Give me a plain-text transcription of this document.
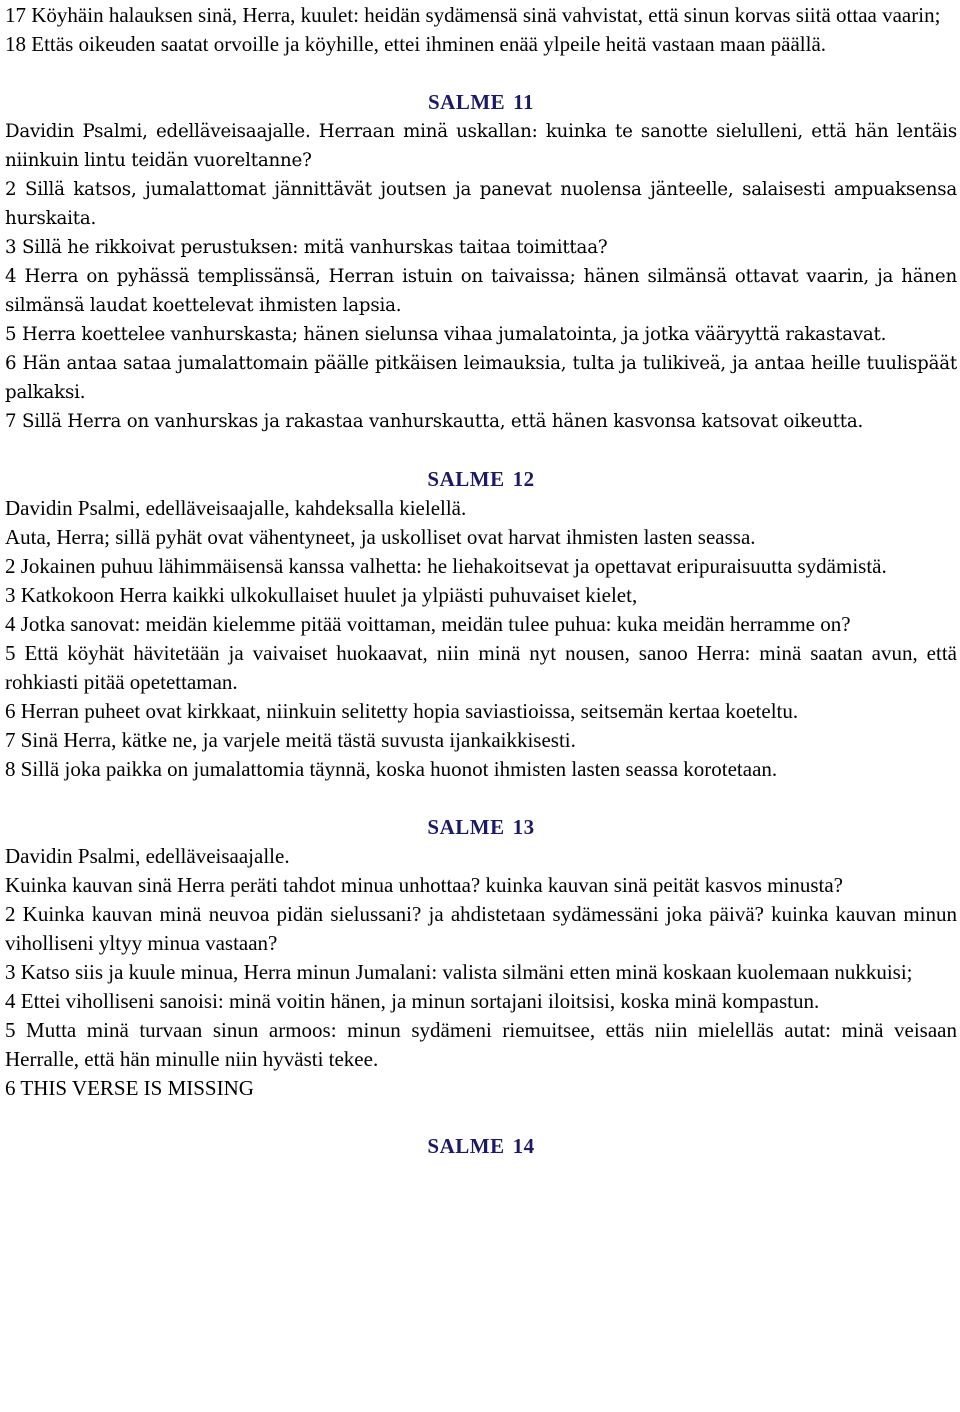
17 Köyhäin halauksen sinä, Herra, kuulet: heidän sydämensä sinä vahvistat, että sinun korvas siitä ottaa vaarin;

18 Ettäs oikeuden saatat orvoille ja köyhille, ettei ihminen enää ylpeile heitä vastaan maan päällä.

SALME 11

Davidin Psalmi, edelläveisaajalle. Herraan minä uskallan: kuinka te sanotte sielulleni, että hän lentäis niinkuin lintu teidän vuoreltanne?

2 Sillä katsos, jumalattomat jännittävät joutsen ja panevat nuolensa jänteelle, salaisesti ampuaksensa hurskaita.

3 Sillä he rikkoivat perustuksen: mitä vanhurskas taitaa toimittaa?

4 Herra on pyhässä templissänsä, Herran istuin on taivaissa; hänen silmänsä ottavat vaarin, ja hänen silmänsä laudat koettelevat ihmisten lapsia.

5 Herra koettelee vanhurskasta; hänen sielunsa vihaa jumalatointa, ja jotka vääryyttä rakastavat.

6 Hän antaa sataa jumalattomain päälle pitkäisen leimauksia, tulta ja tulikiveä, ja antaa heille tuulispäät palkaksi.

7 Sillä Herra on vanhurskas ja rakastaa vanhurskautta, että hänen kasvonsa katsovat oikeutta.

SALME 12

Davidin Psalmi, edelläveisaajalle, kahdeksalla kielellä.

Auta, Herra; sillä pyhät ovat vähentyneet, ja uskolliset ovat harvat ihmisten lasten seassa.

2 Jokainen puhuu lähimmäisensä kanssa valhetta: he liehakoitsevat ja opettavat eripuraisuutta sydämistä.

3 Katkokoon Herra kaikki ulkokullaiset huulet ja ylpiästi puhuvaiset kielet,

4 Jotka sanovat: meidän kielemme pitää voittaman, meidän tulee puhua: kuka meidän herramme on?

5 Että köyhät hävitetään ja vaivaiset huokaavat, niin minä nyt nousen, sanoo Herra: minä saatan avun, että rohkiasti pitää opetettaman.

6 Herran puheet ovat kirkkaat, niinkuin selitetty hopia saviastioissa, seitsemän kertaa koeteltu.

7 Sinä Herra, kätke ne, ja varjele meitä tästä suvusta ijankaikkisesti.

8 Sillä joka paikka on jumalattomia täynnä, koska huonot ihmisten lasten seassa korotetaan.

SALME 13

Davidin Psalmi, edelläveisaajalle.

Kuinka kauvan sinä Herra peräti tahdot minua unhottaa? kuinka kauvan sinä peität kasvos minusta?

2 Kuinka kauvan minä neuvoa pidän sielussani? ja ahdistetaan sydämessäni joka päivä? kuinka kauvan minun viholliseni yltyy minua vastaan?

3 Katso siis ja kuule minua, Herra minun Jumalani: valista silmäni etten minä koskaan kuolemaan nukkuisi;

4 Ettei viholliseni sanoisi: minä voitin hänen, ja minun sortajani iloitsisi, koska minä kompastun.

5 Mutta minä turvaan sinun armoos: minun sydämeni riemuitsee, ettäs niin mielelläs autat: minä veisaan Herralle, että hän minulle niin hyvästi tekee.

6 THIS VERSE IS MISSING

SALME 14
